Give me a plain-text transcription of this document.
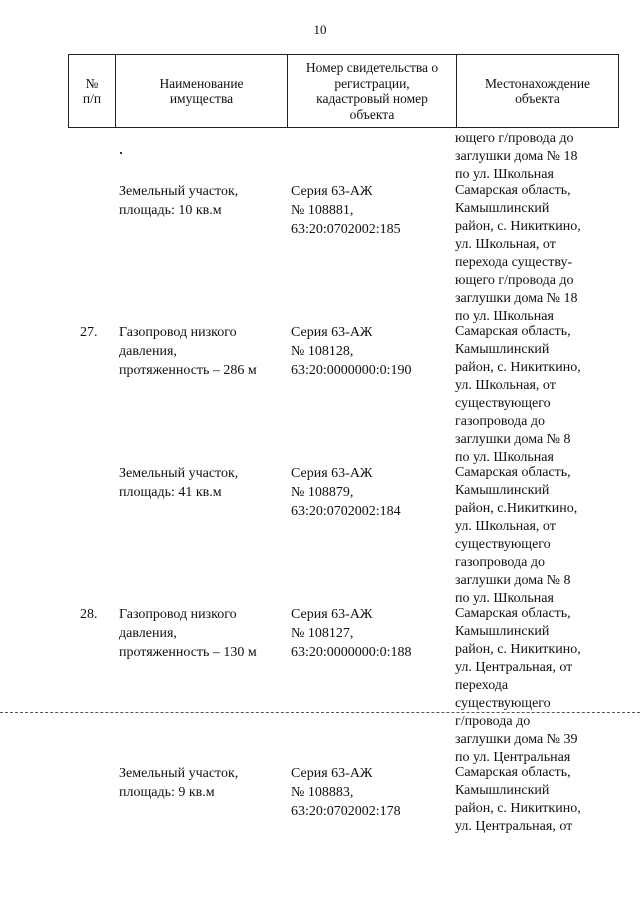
10
№
п/п
Наименование
имущества
Номер свидетельства о
регистрации,
кадастровый номер
объекта
Местонахождение
объекта
ющего г/провода до
заглушки дома № 18
по ул. Школьная
Земельный участок,
площадь: 10 кв.м
Серия 63-АЖ
№ 108881,
63:20:0702002:185
Самарская область,
Камышлинский
район, с. Никиткино,
ул. Школьная, от
перехода существу-
ющего г/провода до
заглушки дома № 18
по ул. Школьная
27. Газопровод низкого
давления,
протяженность – 286 м
Серия 63-АЖ
№ 108128,
63:20:0000000:0:190
Самарская область,
Камышлинский
район, с. Никиткино,
ул. Школьная, от
существующего
газопровода до
заглушки дома № 8
по ул. Школьная
Земельный участок,
площадь: 41 кв.м
Серия 63-АЖ
№ 108879,
63:20:0702002:184
Самарская область,
Камышлинский
район, с.Никиткино,
ул. Школьная, от
существующего
газопровода до
заглушки дома № 8
по ул. Школьная
28. Газопровод низкого
давления,
протяженность – 130 м
Серия 63-АЖ
№ 108127,
63:20:0000000:0:188
Самарская область,
Камышлинский
район, с. Никиткино,
ул. Центральная, от
перехода
существующего
г/провода до
заглушки дома № 39
по ул. Центральная
Земельный участок,
площадь: 9 кв.м
Серия 63-АЖ
№ 108883,
63:20:0702002:178
Самарская область,
Камышлинский
район, с. Никиткино,
ул. Центральная, от
